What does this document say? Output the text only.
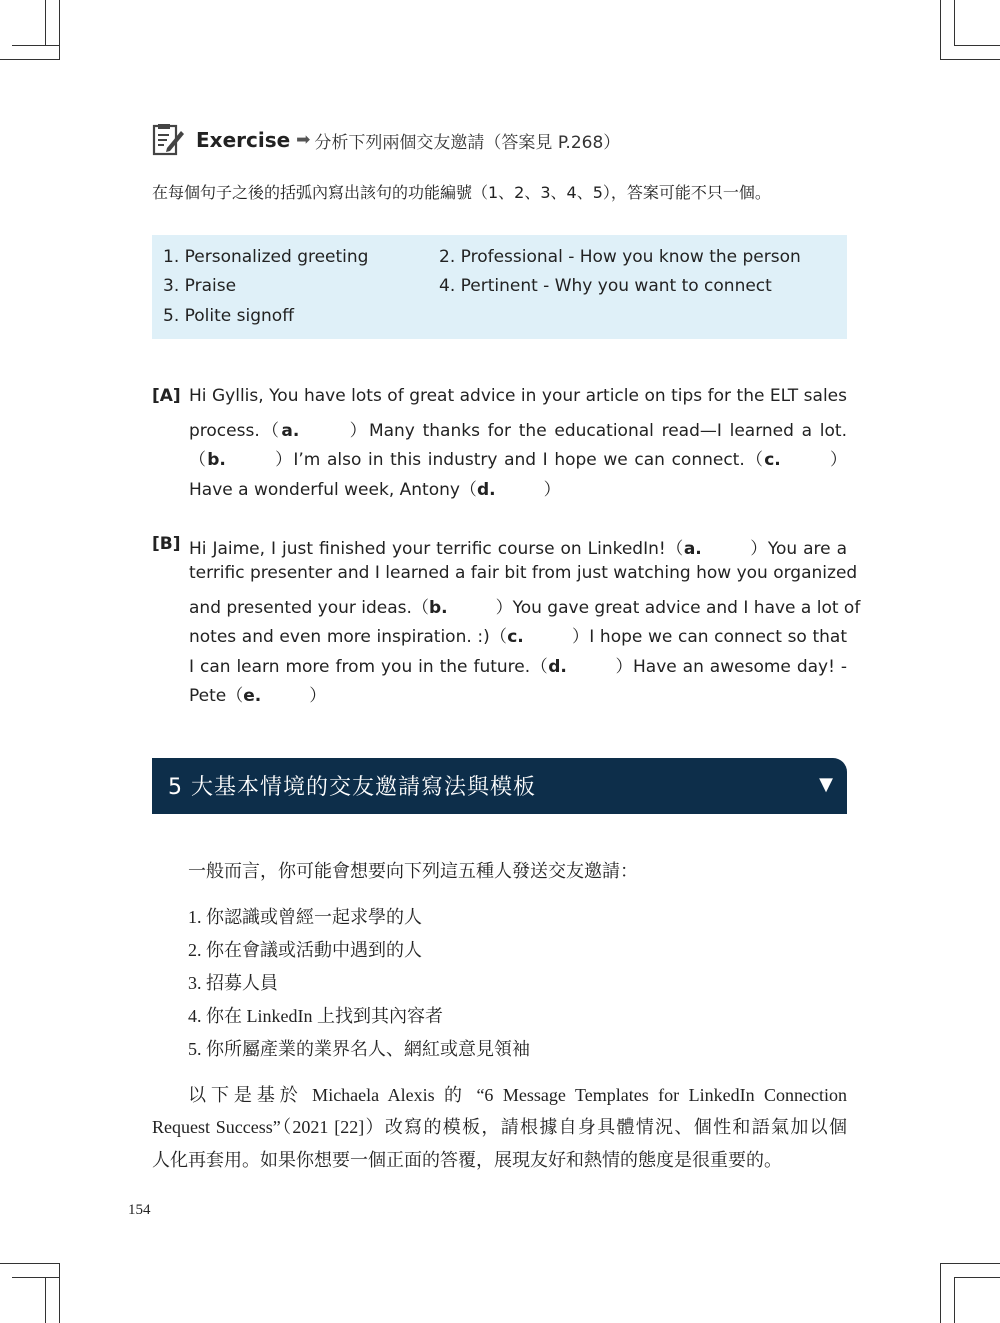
Exercise ➡ 分析下列兩個交友邀請（答案見 P.268）
在每個句子之後的括弧內寫出該句的功能編號（1、2、3、4、5），答案可能不只一個。
1. Personalized greeting	2. Professional - How you know the person
3. Praise	4. Pertinent - Why you want to connect
5. Polite signoff
[A] Hi Gyllis, You have lots of great advice in your article on tips for the ELT sales
process.（a.	）Many thanks for the educational read—I learned a lot.
（b.	）I’m also in this industry and I hope we can connect.（c.	）
Have a wonderful week, Antony（d.	）
[B] Hi Jaime, I just finished your terrific course on LinkedIn!（a.	）You are a
terrific presenter and I learned a fair bit from just watching how you organized
and presented your ideas.（b.	）You gave great advice and I have a lot of
notes and even more inspiration. :)（c.	）I hope we can connect so that
I can learn more from you in the future.（d.	）Have an awesome day! -
Pete（e.	）
5 大基本情境的交友邀請寫法與模板	▼
一般而言，你可能會想要向下列這五種人發送交友邀請：
1. 你認識或曾經一起求學的人
2. 你在會議或活動中遇到的人
3. 招募人員
4. 你在 LinkedIn 上找到其內容者
5. 你所屬產業的業界名人、網紅或意見領袖
以下是基於 Michaela Alexis 的 “6 Message Templates for LinkedIn Connection
Request Success”（2021 [22]）改寫的模板，請根據自身具體情況、個性和語氣加以個
人化再套用。如果你想要一個正面的答覆，展現友好和熱情的態度是很重要的。
154
